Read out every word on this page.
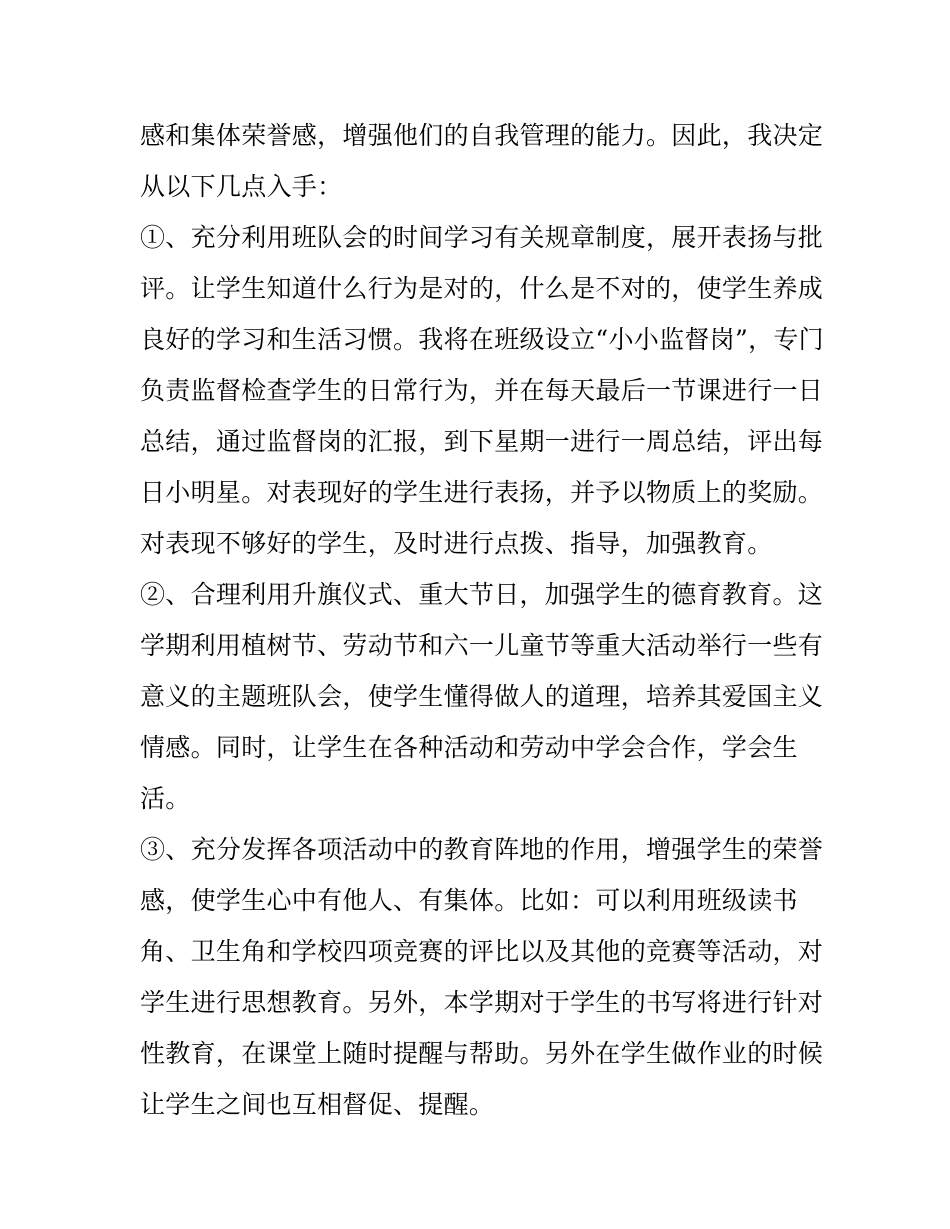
感和集体荣誉感，增强他们的自我管理的能力。因此，我决定
从以下几点入手：
①、充分利用班队会的时间学习有关规章制度，展开表扬与批
评。让学生知道什么行为是对的，什么是不对的，使学生养成
良好的学习和生活习惯。我将在班级设立“小小监督岗”，专门
负责监督检查学生的日常行为，并在每天最后一节课进行一日
总结，通过监督岗的汇报，到下星期一进行一周总结，评出每
日小明星。对表现好的学生进行表扬，并予以物质上的奖励。
对表现不够好的学生，及时进行点拨、指导，加强教育。
②、合理利用升旗仪式、重大节日，加强学生的德育教育。这
学期利用植树节、劳动节和六一儿童节等重大活动举行一些有
意义的主题班队会，使学生懂得做人的道理，培养其爱国主义
情感。同时，让学生在各种活动和劳动中学会合作，学会生
活。
③、充分发挥各项活动中的教育阵地的作用，增强学生的荣誉
感，使学生心中有他人、有集体。比如：可以利用班级读书
角、卫生角和学校四项竞赛的评比以及其他的竞赛等活动，对
学生进行思想教育。另外，本学期对于学生的书写将进行针对
性教育，在课堂上随时提醒与帮助。另外在学生做作业的时候
让学生之间也互相督促、提醒。
